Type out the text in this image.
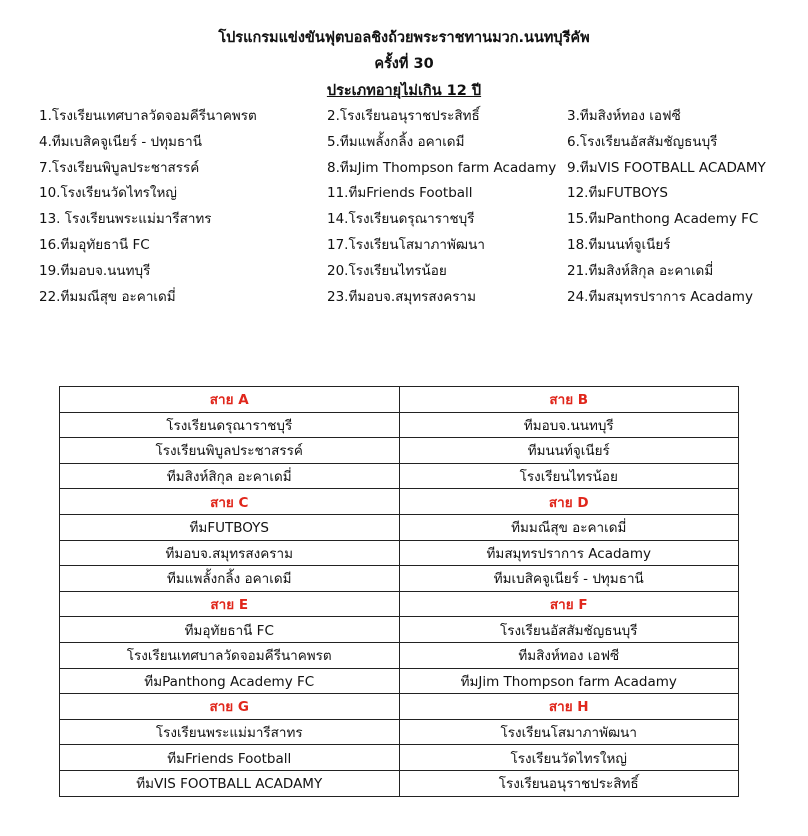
โปรแกรมแข่งขันฟุตบอลชิงถ้วยพระราชทานมวก.นนทบุรีคัพ
ครั้งที่ 30
ประเภทอายุไม่เกิน 12 ปี
1.โรงเรียนเทศบาลวัดจอมคีรีนาคพรต	2.โรงเรียนอนุราชประสิทธิ์	3.ทีมสิงห์ทอง เอฟซี
4.ทีมเบสิคจูเนียร์ - ปทุมธานี	5.ทีมแพลั้งกลิ้ง อคาเดมี	6.โรงเรียนอัสสัมชัญธนบุรี
7.โรงเรียนพิบูลประชาสรรค์	8.ทีมJim Thompson farm Acadamy 9.ทีมVIS FOOTBALL ACADAMY
10.โรงเรียนวัดไทรใหญ่	11.ทีมFriends Football	12.ทีมFUTBOYS
13. โรงเรียนพระแม่มารีสาทร	14.โรงเรียนดรุณาราชบุรี	15.ทีมPanthong Academy FC
16.ทีมอุทัยธานี FC	17.โรงเรียนโสมาภาพัฒนา	18.ทีมนนท์จูเนียร์
19.ทีมอบจ.นนทบุรี	20.โรงเรียนไทรน้อย	21.ทีมสิงห์สิกุล อะคาเดมี่
22.ทีมมณีสุข อะคาเดมี่	23.ทีมอบจ.สมุทรสงคราม	24.ทีมสมุทรปราการ Acadamy
สาย A	สาย B
โรงเรียนดรุณาราชบุรี	ทีมอบจ.นนทบุรี
โรงเรียนพิบูลประชาสรรค์	ทีมนนท์จูเนียร์
ทีมสิงห์สิกุล อะคาเดมี่	โรงเรียนไทรน้อย
สาย C	สาย D
ทีมFUTBOYS	ทีมมณีสุข อะคาเดมี่
ทีมอบจ.สมุทรสงคราม	ทีมสมุทรปราการ Acadamy
ทีมแพลั้งกลิ้ง อคาเดมี	ทีมเบสิคจูเนียร์ - ปทุมธานี
สาย E	สาย F
ทีมอุทัยธานี FC	โรงเรียนอัสสัมชัญธนบุรี
โรงเรียนเทศบาลวัดจอมคีรีนาคพรต	ทีมสิงห์ทอง เอฟซี
ทีมPanthong Academy FC	ทีมJim Thompson farm Acadamy
สาย G	สาย H
โรงเรียนพระแม่มารีสาทร	โรงเรียนโสมาภาพัฒนา
ทีมFriends Football	โรงเรียนวัดไทรใหญ่
ทีมVIS FOOTBALL ACADAMY	โรงเรียนอนุราชประสิทธิ์
